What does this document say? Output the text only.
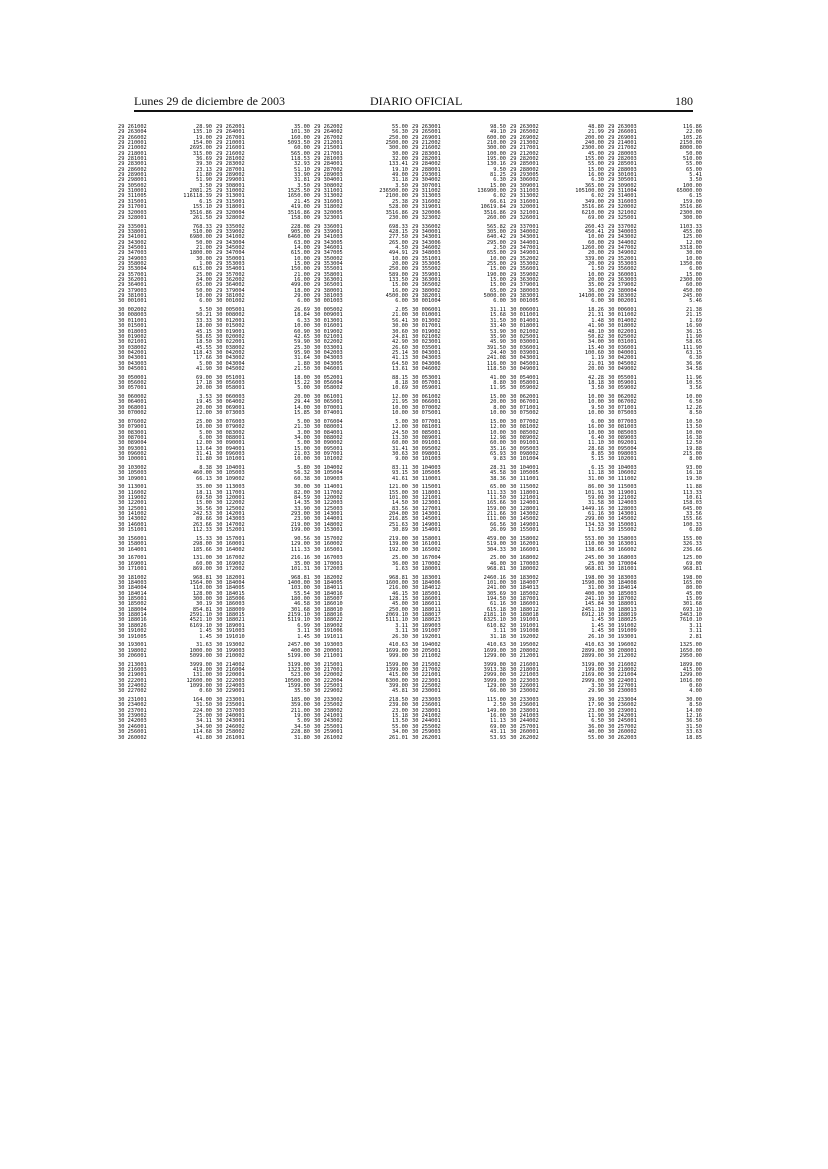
Lunes 29 de diciembre de 2003	DIARIO OFICIAL	180
29 261002	28.90
29 263004	135.10
29 266002	19.00
29 210001	154.00
29 210002	2695.00
29 218001	315.00
29 281001	36.69
29 283001	39.30
29 286002	23.13
29 289001	11.80
29 298001	51.90
29 305002	3.50
29 310001	2081.25
29 311005	116118.39
29 315001	6.15
29 317001	155.10
29 320003	3516.86
29 328001	261.50
29 335001	768.33
29 338001	510.00
29 341001	6980.00
29 343002	50.00
29 345001	21.00
29 347003	1800.00
29 349003	30.00
29 358002	1.00
29 353004	615.00
29 357001	25.00
29 362001	34.00
29 364001	65.00
29 379003	50.00
29 381001	10.00
30 001001	6.00
30 002002	5.50
30 008003	50.21
30 011001	33.33
30 015001	18.00
30 018003	45.15
30 019002	58.65
30 021001	18.50
30 038002	45.55
30 042001	118.43
30 043001	17.66
30 043003	5.00
30 045001	41.90
30 050001	69.00
30 056002	17.18
30 057001	20.00
30 060002	3.53
30 064001	19.45
30 068001	20.00
30 070002	12.00
30 076002	25.00
30 079001	10.00
30 083001	5.00
30 087001	6.00
30 089004	12.00
30 093001	13.64
30 096002	31.41
30 100001	11.80
30 103002	8.38
30 105003	460.00
30 109001	66.13
30 113001	35.00
30 116002	18.11
30 119002	69.50
30 122001	15.00
30 125001	36.56
30 141002	242.53
30 143002	89.66
30 146001	263.66
30 151001	112.33
30 156001	15.33
30 158001	298.00
30 164001	185.66
30 167001	131.00
30 169001	60.00
30 171001	869.00
30 181002	968.81
30 184003	1564.00
30 184004	110.00
30 184014	128.00
30 185001	300.00
30 185002	30.19
30 188004	854.81
30 188014	2591.10
30 188016	4521.10
30 188026	6169.10
30 191002	1.45
30 191005	1.45
30 193001	31.63
30 198002	1000.00
30 206001	5099.00
30 213001	3999.00
30 216003	419.00
30 219001	131.00
30 222001	12600.00
30 224002	1099.00
30 227002	0.60
30 231001	164.00
30 234002	31.50
30 237001	224.00
30 239002	25.00
30 242003	34.11
30 246001	34.90
30 256001	114.68
30 260002	41.80
29 262001	35.00
29 264001	101.30
29 267001	160.00
29 210001	5093.50
29 216001	60.00
29 216002	565.00
29 281002	118.53
29 283002	32.93
29 287001	51.10
29 289002	33.90
29 299001	31.81
29 308001	3.50
29 310002	1525.50
29 313001	1650.00
29 315001	21.45
29 318001	419.00
29 320004	3516.86
29 328002	158.00
29 335002	228.08
29 339002	905.00
29 341002	6460.00
29 343004	63.00
29 345002	14.00
29 347004	615.00
29 350001	10.00
29 353003	15.00
29 354001	150.00
29 357002	21.00
29 362002	16.00
29 364002	499.00
29 379004	18.00
29 381002	29.00
30 001002	6.00
30 005001	26.69
30 008002	18.84
30 012001	6.33
30 015002	10.00
30 019001	60.90
30 020002	42.65
30 022001	59.90
30 038002	25.30
30 042002	95.90
30 043002	31.64
30 043004	1.80
30 045002	21.50
30 051001	18.00
30 056003	15.22
30 058001	5.00
30 060003	20.00
30 064002	29.44
30 069001	14.00
30 073003	15.85
30 076003	5.00
30 079002	21.30
30 083002	3.00
30 088001	34.00
30 090001	5.00
30 094001	15.00
30 096003	21.03
30 101001	10.00
30 104001	5.80
30 105003	56.32
30 109002	60.38
30 113003	30.00
30 117001	82.00
30 120001	84.59
30 122002	14.35
30 125002	33.90
30 142001	293.00
30 143003	23.90
30 147002	219.00
30 152001	199.00
30 157001	90.56
30 160001	129.00
30 164002	111.33
30 167002	216.16
30 169002	35.00
30 172002	101.31
30 182001	968.81
30 184004	1400.00
30 184005	103.00
30 184015	55.54
30 185006	180.00
30 186003	46.58
30 188009	301.68
30 188015	2159.10
30 188021	5119.10
30 189001	6.99
30 191003	3.11
30 191010	1.45
30 193002	2457.00
30 199003	400.00
30 210002	5199.00
30 214002	3199.00
30 216004	1323.00
30 220001	523.00
30 222003	10500.00
30 224003	1599.00
30 229001	35.50
30 233001	185.00
30 235001	359.00
30 237003	211.00
30 240001	19.00
30 243001	5.09
30 246002	34.50
30 258002	228.80
30 261001	31.80
29 262002	55.00
29 264002	56.30
29 267002	250.00
29 212001	2500.00
29 215001	300.00
29 217001	30.00
29 281003	32.00
29 284001	133.41
29 287002	19.10
29 289003	49.00
29 304001	31.18
29 308002	3.50
29 311001	236500.00
29 313002	2100.00
29 316001	25.38
29 318002	528.00
29 320005	3516.86
29 323001	230.00
29 336001	698.33
29 339001	428.15
29 341003	277.50
29 343005	265.00
29 346001	4.50
29 347005	494.91
29 350002	10.00
29 353004	20.00
29 355001	250.00
29 358001	589.00
29 363001	133.50
29 365001	15.00
29 380001	16.00
29 381003	4500.00
30 001003	6.00
30 005002	2.05
30 009001	21.00
30 013001	56.41
30 016001	30.00
30 019002	30.60
30 021001	24.81
30 022002	42.90
30 033001	26.60
30 042003	25.14
30 043003	41.13
30 043005	64.50
30 046001	13.61
30 052001	88.15
30 056004	8.18
30 058002	10.69
30 061001	12.00
30 065001	21.95
30 070001	10.00
30 074001	10.00
30 076004	5.00
30 080001	12.00
30 084001	24.50
30 088002	13.30
30 090002	60.00
30 095001	31.41
30 097001	30.63
30 101002	9.00
30 104002	83.11
30 105004	93.15
30 109003	41.61
30 114001	121.00
30 117002	155.00
30 120002	101.00
30 122003	14.50
30 125003	83.56
30 143001	204.00
30 144001	216.85
30 148002	251.63
30 153001	30.89
30 157002	219.00
30 160002	139.00
30 165001	192.00
30 167003	25.00
30 170001	36.00
30 172003	1.63
30 182002	968.81
30 184005	1600.00
30 184011	216.00
30 184016	46.15
30 185007	128.15
30 186010	45.00
30 188010	250.00
30 188016	2069.10
30 188022	5111.10
30 189002	3.11
30 191006	3.11
30 191011	26.30
30 193003	410.63
30 200001	1699.00
30 211001	999.00
30 215001	1599.00
30 217001	1399.00
30 220002	415.00
30 222004	6300.00
30 225001	399.00
30 229002	45.81
30 233002	218.50
30 235002	239.00
30 238002	23.00
30 241001	15.18
30 243002	13.50
30 255001	55.00
30 259001	34.00
30 261002	261.01
29 263001	98.50
29 265001	49.10
29 269001	600.00
29 212002	210.00
29 216002	300.00
29 283001	100.00
29 282001	195.00
29 284002	130.16
29 288001	9.50
29 293001	81.25
29 304002	6.30
29 307001	15.00
29 311002	136900.00
29 313003	6.02
29 316002	66.61
29 319001	10619.84
29 320006	3516.86
29 323002	260.00
29 336002	565.82
29 340001	305.00
29 343001	640.42
29 343006	295.00
29 346002	2.50
29 348003	655.00
29 351001	10.00
29 353005	255.00
29 355002	15.00
29 359001	190.00
29 363001	15.00
29 365002	15.00
29 380002	65.00
29 382001	5000.00
30 001004	6.00
30 006001	31.11
30 010001	15.68
30 013002	31.50
30 017001	33.40
30 019002	53.90
30 021002	35.90
30 023001	45.90
30 035001	391.50
30 043001	24.40
30 043003	241.08
30 043006	116.00
30 046002	118.50
30 053001	41.00
30 057001	8.80
30 059001	11.95
30 061002	15.00
30 066001	20.00
30 070002	8.00
30 075001	10.00
30 077001	15.00
30 081001	12.00
30 085001	10.00
30 089001	12.98
30 091001	60.00
30 095002	35.16
30 098001	65.93
30 101003	9.83
30 104003	28.31
30 105005	45.58
30 110001	38.36
30 115001	65.00
30 118001	111.33
30 121001	11.50
30 123001	165.66
30 127001	159.00
30 143001	211.66
30 145001	111.00
30 149001	66.56
30 154001	26.09
30 158001	459.00
30 161001	519.00
30 165002	304.33
30 167004	25.00
30 170002	46.00
30 180001	968.81
30 183001	2460.16
30 184006	101.00
30 184012	241.00
30 185001	305.69
30 186001	194.50
30 186011	61.16
30 188011	615.18
30 188017	2181.10
30 188023	6325.10
30 189003	610.82
30 191007	3.11
30 192001	31.18
30 194002	410.63
30 205001	1699.00
30 211002	1299.00
30 215002	3999.00
30 217002	3913.38
30 221001	2999.00
30 223001	3999.00
30 225002	129.00
30 230001	66.00
30 233003	115.00
30 236001	2.50
30 238001	149.00
30 241002	16.00
30 244001	11.13
30 255002	69.00
30 259003	43.11
30 262001	53.93
29 263002	48.80
29 265002	21.99
29 269002	200.00
29 213002	240.00
29 217001	2300.00
29 212002	45.00
29 282002	155.00
29 285001	55.00
29 288002	15.00
29 293005	16.00
29 306002	6.30
29 309001	365.00
29 311003	105100.00
29 313002	6.02
29 316001	349.00
29 320001	3516.86
29 321001	6210.00
29 326001	69.00
29 337001	260.43
29 340002	450.41
29 343001	10.00
29 344001	60.00
29 347001	1260.00
29 349001	20.00
29 352002	339.00
29 353002	20.00
29 356001	1.50
29 359002	10.00
29 363002	20.00
29 379001	35.00
29 380003	36.00
29 383001	14100.00
30 001005	6.00
30 006001	18.26
30 011001	21.31
30 014001	1.48
30 018001	41.90
30 021002	48.10
30 025001	50.82
30 030001	34.00
30 036001	15.40
30 039001	100.60
30 043001	1.19
30 045001	21.01
30 049001	20.00
30 054001	42.28
30 058001	18.18
30 059002	3.50
30 062001	10.00
30 067001	10.00
30 071001	9.50
30 075002	10.00
30 077002	6.00
30 081002	16.00
30 085002	10.00
30 089002	6.40
30 091001	11.10
30 095003	28.68
30 098002	8.85
30 101004	5.15
30 104001	6.15
30 105005	11.18
30 111001	31.00
30 115002	86.00
30 118001	101.91
30 121001	59.00
30 124001	31.58
30 128001	1449.16
30 143002	61.16
30 145002	299.00
30 149001	134.33
30 155001	11.50
30 158002	553.00
30 162001	110.00
30 166001	138.66
30 168002	245.00
30 170003	25.00
30 180002	968.81
30 183002	198.00
30 184007	1590.00
30 184013	31.00
30 185002	400.00
30 187001	241.10
30 186001	145.84
30 188012	2451.10
30 188018	6912.10
30 191001	1.45
30 191001	1.45
30 191008	1.45
30 192002	26.10
30 195002	410.63
30 208002	2899.00
30 212001	2899.00
30 216001	3199.00
30 218001	199.00
30 221003	2169.00
30 223003	2999.00
30 226001	3.30
30 230002	29.90
30 233003	39.90
30 236001	17.90
30 238001	23.00
30 241003	11.90
30 244002	6.50
30 257001	36.00
30 260001	40.00
30 262002	55.00
29 263003	116.86
29 266001	22.00
29 269001	105.26
29 214001	2150.00
29 217002	8000.00
29 280003	50.00
29 282003	510.00
29 285001	55.00
29 288003	65.00
29 301001	5.41
29 305001	3.50
29 309002	100.00
29 311004	65000.00
29 314001	6.15
29 316003	159.00
29 320002	3516.86
29 321002	2300.00
29 325001	300.00
29 337002	1103.33
29 340003	455.00
29 343002	125.00
29 344002	12.00
29 347002	3318.00
29 349002	30.00
29 352001	10.00
29 353003	1350.00
29 356002	6.00
29 360001	15.00
29 363003	2300.00
29 379002	60.00
29 380004	450.00
29 383002	245.00
30 002001	5.46
30 006001	21.38
30 011002	21.15
30 014002	1.69
30 018002	16.90
30 022001	36.15
30 025002	11.90
30 031001	58.65
30 036001	111.90
30 040001	63.15
30 042001	6.30
30 045002	36.96
30 049002	34.58
30 055001	11.96
30 059001	10.55
30 059002	3.56
30 062002	10.00
30 067002	6.50
30 071001	12.26
30 075003	8.50
30 077003	10.50
30 081003	13.50
30 085003	10.00
30 089003	16.38
30 092001	12.50
30 095004	19.88
30 098003	215.00
30 102001	8.00
30 104003	93.00
30 106002	16.18
30 111002	19.30
30 115003	11.88
30 119001	113.33
30 121002	10.61
30 124003	158.03
30 128003	645.00
30 143001	33.56
30 145002	155.66
30 150001	100.33
30 155002	6.80
30 158003	155.00
30 163001	326.33
30 166002	236.66
30 168003	125.00
30 170004	69.00
30 181001	968.81
30 183003	198.00
30 184008	165.00
30 184014	80.00
30 185003	45.00
30 187002	15.09
30 188001	301.68
30 188013	693.10
30 188019	3463.10
30 188025	7610.10
30 191002	3.11
30 191009	3.11
30 193001	2.81
30 196002	1325.00
30 208001	1650.00
30 212002	2950.00
30 216002	1899.00
30 218002	415.00
30 221004	1299.00
30 224001	1016.00
30 227001	0.60
30 230003	4.00
30 233004	30.00
30 236002	8.50
30 239001	14.00
30 242001	12.16
30 245001	36.50
30 257002	31.50
30 260002	33.63
30 262003	18.85
